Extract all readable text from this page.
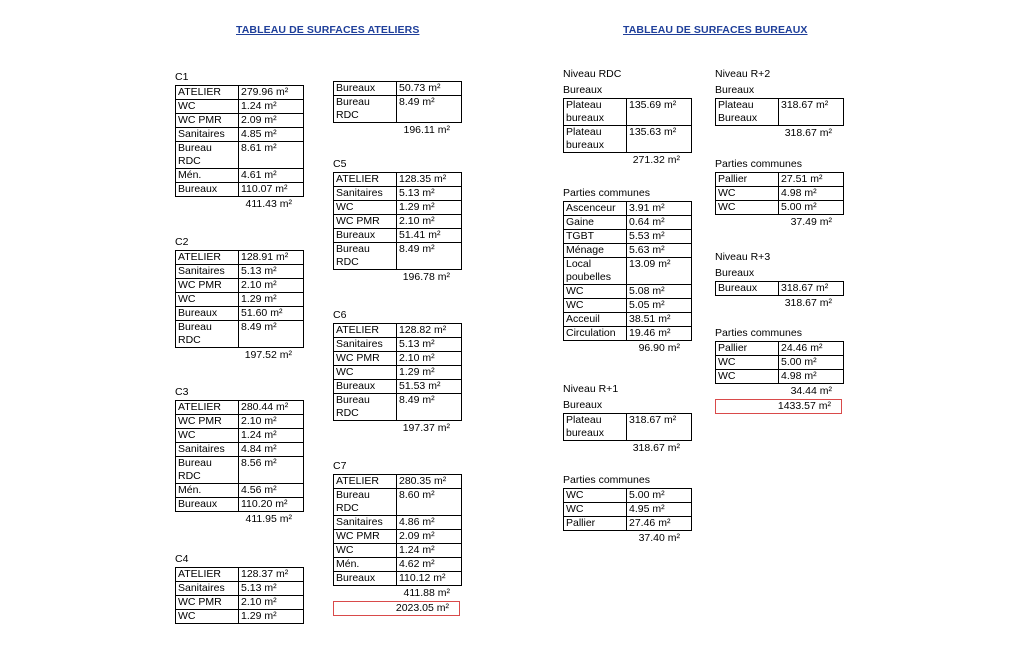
TABLEAU DE SURFACES ATELIERS	TABLEAU DE SURFACES BUREAUX
C1
ATELIER	279.96 m²
WC	1.24 m²
WC PMR	2.09 m²
Sanitaires	4.85 m²
Bureau RDC	8.61 m²
Mén.	4.61 m²
Bureaux	110.07 m²
411.43 m²
C2
ATELIER	128.91 m²
Sanitaires	5.13 m²
WC PMR	2.10 m²
WC	1.29 m²
Bureaux	51.60 m²
Bureau RDC	8.49 m²
197.52 m²
C3
ATELIER	280.44 m²
WC PMR	2.10 m²
WC	1.24 m²
Sanitaires	4.84 m²
Bureau RDC	8.56 m²
Mén.	4.56 m²
Bureaux	110.20 m²
411.95 m²
C4
ATELIER	128.37 m²
Sanitaires	5.13 m²
WC PMR	2.10 m²
WC	1.29 m²
Bureaux	50.73 m²
Bureau RDC	8.49 m²
196.11 m²
C5
ATELIER	128.35 m²
Sanitaires	5.13 m²
WC	1.29 m²
WC PMR	2.10 m²
Bureaux	51.41 m²
Bureau RDC	8.49 m²
196.78 m²
C6
ATELIER	128.82 m²
Sanitaires	5.13 m²
WC PMR	2.10 m²
WC	1.29 m²
Bureaux	51.53 m²
Bureau RDC	8.49 m²
197.37 m²
C7
ATELIER	280.35 m²
Bureau RDC	8.60 m²
Sanitaires	4.86 m²
WC PMR	2.09 m²
WC	1.24 m²
Mén.	4.62 m²
Bureaux	110.12 m²
411.88 m²
2023.05 m²
Niveau RDC
Bureaux
Plateau bureaux	135.69 m²
Plateau bureaux	135.63 m²
271.32 m²
Parties communes
Ascenceur	3.91 m²
Gaine	0.64 m²
TGBT	5.53 m²
Ménage	5.63 m²
Local poubelles	13.09 m²
WC	5.08 m²
WC	5.05 m²
Acceuil	38.51 m²
Circulation	19.46 m²
96.90 m²
Niveau R+1
Bureaux
Plateau bureaux	318.67 m²
318.67 m²
Parties communes
WC	5.00 m²
WC	4.95 m²
Pallier	27.46 m²
37.40 m²
Niveau R+2
Bureaux
Plateau Bureaux	318.67 m²
318.67 m²
Parties communes
Pallier	27.51 m²
WC	4.98 m²
WC	5.00 m²
37.49 m²
Niveau R+3
Bureaux
Bureaux	318.67 m²
318.67 m²
Parties communes
Pallier	24.46 m²
WC	5.00 m²
WC	4.98 m²
34.44 m²
1433.57 m²
